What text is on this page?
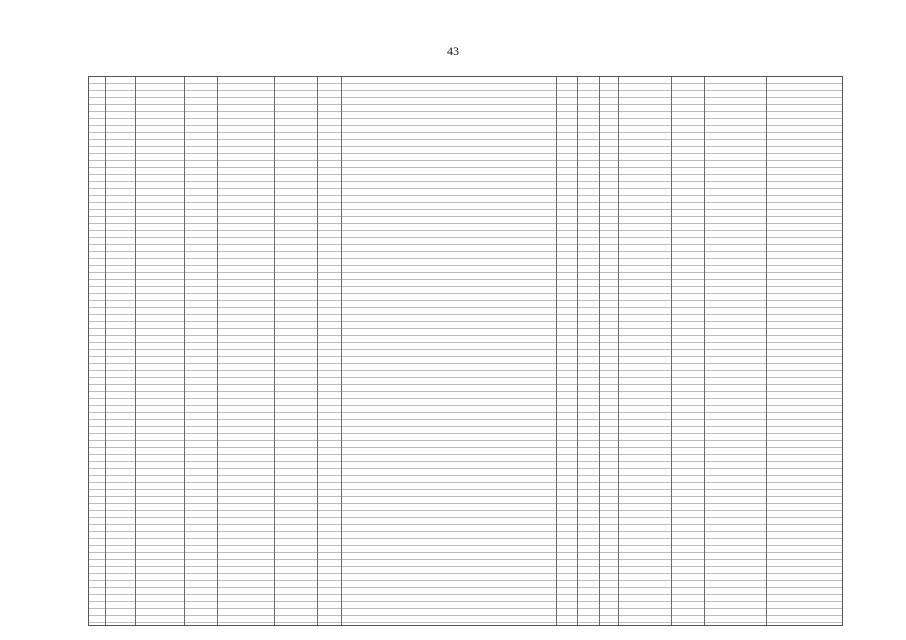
43
